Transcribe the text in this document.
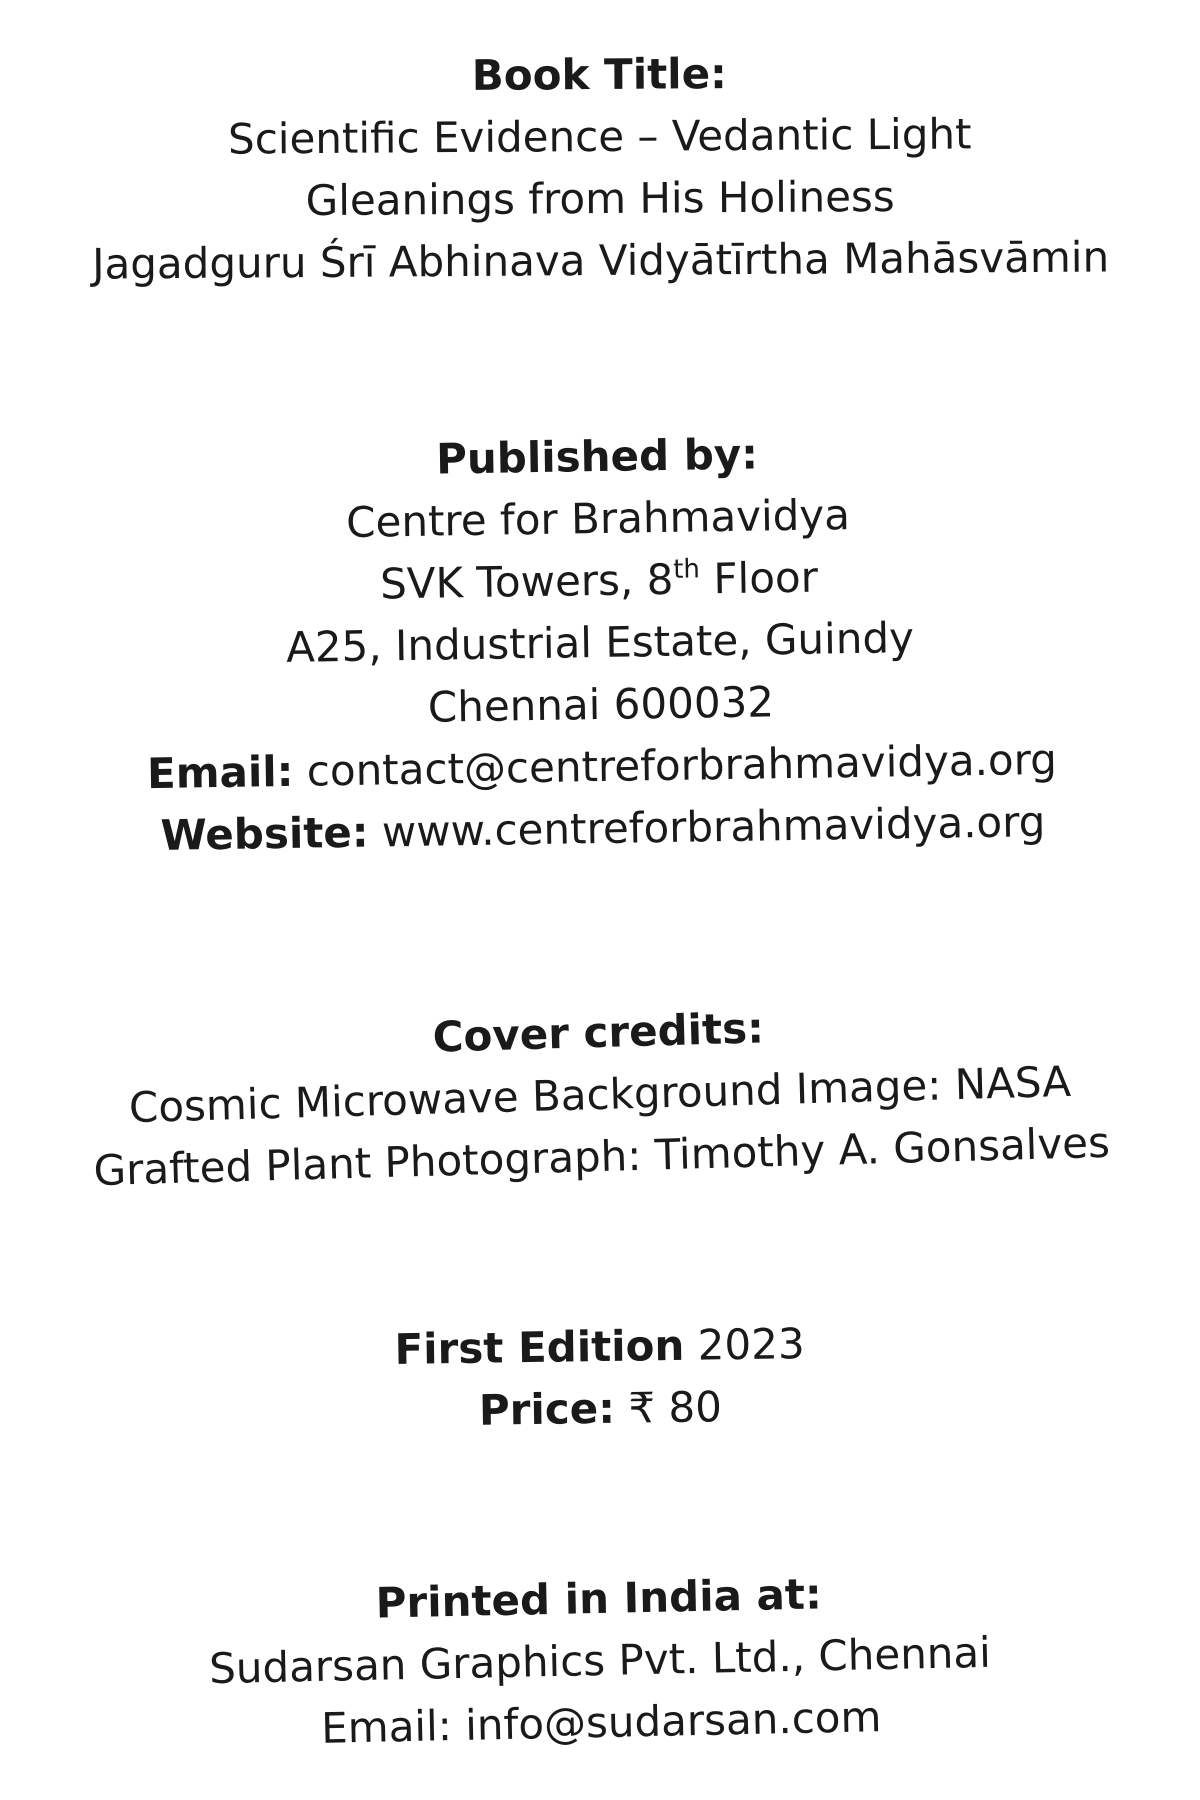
Book Title:
Scientific Evidence – Vedantic Light
Gleanings from His Holiness
Jagadguru Śrī Abhinava Vidyātīrtha Mahāsvāmin
Published by:
Centre for Brahmavidya
SVK Towers, 8th Floor
A25, Industrial Estate, Guindy
Chennai 600032
Email: contact@centreforbrahmavidya.org
Website: www.centreforbrahmavidya.org
Cover credits:
Cosmic Microwave Background Image: NASA
Grafted Plant Photograph: Timothy A. Gonsalves
First Edition 2023
Price: ₹ 80
Printed in India at:
Sudarsan Graphics Pvt. Ltd., Chennai
Email: info@sudarsan.com
